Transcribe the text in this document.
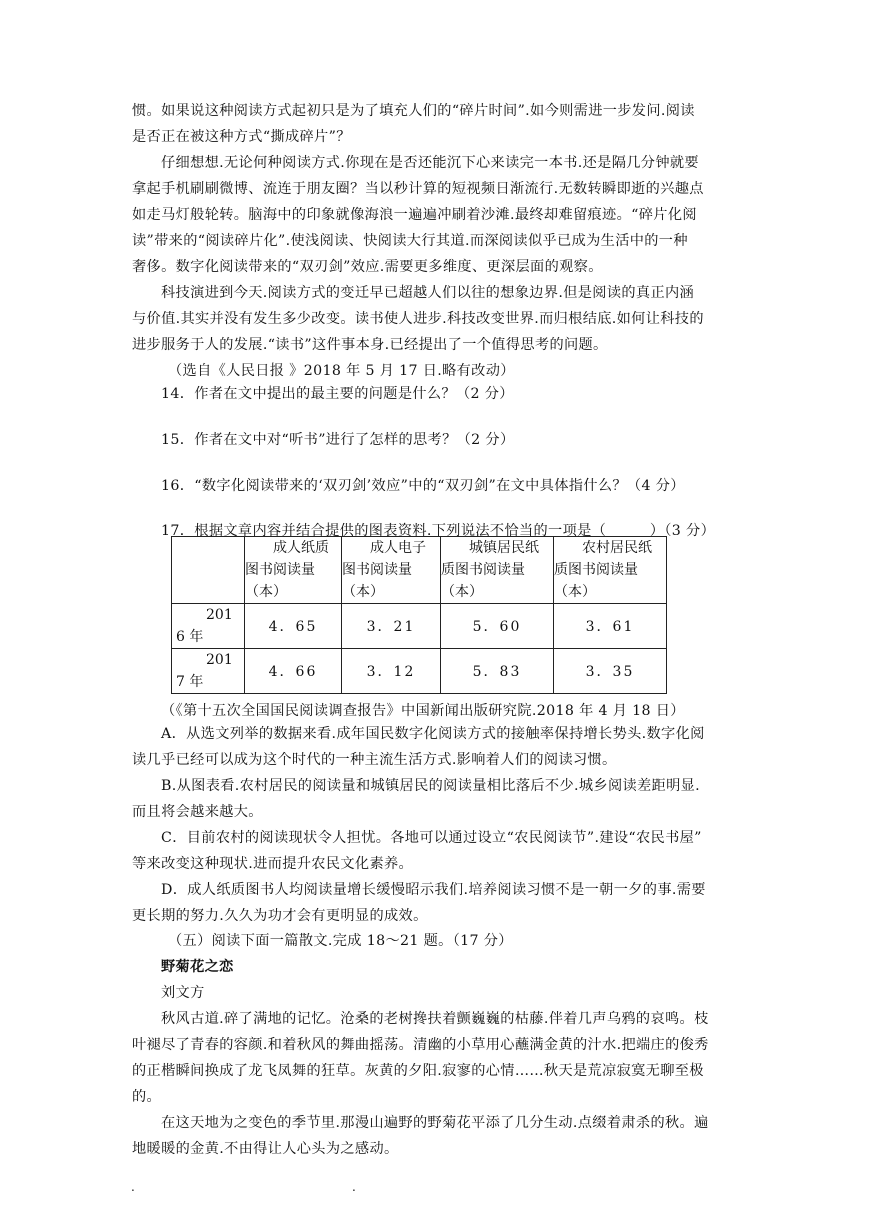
惯。如果说这种阅读方式起初只是为了填充人们的“碎片时间”.如今则需进一步发问.阅读
是否正在被这种方式“撕成碎片”？
仔细想想.无论何种阅读方式.你现在是否还能沉下心来读完一本书.还是隔几分钟就要
拿起手机刷刷微博、流连于朋友圈？当以秒计算的短视频日渐流行.无数转瞬即逝的兴趣点
如走马灯般轮转。脑海中的印象就像海浪一遍遍冲刷着沙滩.最终却难留痕迹。“碎片化阅
读”带来的“阅读碎片化”.使浅阅读、快阅读大行其道.而深阅读似乎已成为生活中的一种
奢侈。数字化阅读带来的“双刃剑”效应.需要更多维度、更深层面的观察。
科技演进到今天.阅读方式的变迁早已超越人们以往的想象边界.但是阅读的真正内涵
与价值.其实并没有发生多少改变。读书使人进步.科技改变世界.而归根结底.如何让科技的
进步服务于人的发展.“读书”这件事本身.已经提出了一个值得思考的问题。
（选自《人民日报 》2018 年 5 月 17 日.略有改动）
14．作者在文中提出的最主要的问题是什么？（2 分）
15．作者在文中对“听书”进行了怎样的思考？（2 分）
16．“数字化阅读带来的‘双刃剑’效应”中的“双刃剑”在文中具体指什么？（4 分）
17．根据文章内容并结合提供的图表资料.下列说法不恰当的一项是（　　　）（3 分）

	成人纸质
图书阅读量
（本）	成人电子
图书阅读量
（本）	城镇居民纸
质图书阅读量
（本）	农村居民纸
质图书阅读量
（本）

201
6 年	4．65	3．21	5．60	3．61

201
7 年	4．66	3．12	5．83	3．35
（《第十五次全国国民阅读调查报告》中国新闻出版研究院.2018 年 4 月 18 日）
A．从选文列举的数据来看.成年国民数字化阅读方式的接触率保持增长势头.数字化阅
读几乎已经可以成为这个时代的一种主流生活方式.影响着人们的阅读习惯。
B.从图表看.农村居民的阅读量和城镇居民的阅读量相比落后不少.城乡阅读差距明显.
而且将会越来越大。
C．目前农村的阅读现状令人担忧。各地可以通过设立“农民阅读节”.建设“农民书屋”
等来改变这种现状.进而提升农民文化素养。
D．成人纸质图书人均阅读量增长缓慢昭示我们.培养阅读习惯不是一朝一夕的事.需要
更长期的努力.久久为功才会有更明显的成效。
（五）阅读下面一篇散文.完成 18～21 题。（17 分）
野菊花之恋
刘文方
秋风古道.碎了满地的记忆。沧桑的老树搀扶着颤巍巍的枯藤.伴着几声乌鸦的哀鸣。枝
叶褪尽了青春的容颜.和着秋风的舞曲摇荡。清幽的小草用心蘸满金黄的汁水.把端庄的俊秀
的正楷瞬间换成了龙飞凤舞的狂草。灰黄的夕阳.寂寥的心情……秋天是荒凉寂寞无聊至极
的。
在这天地为之变色的季节里.那漫山遍野的野菊花平添了几分生动.点缀着肃杀的秋。遍
地暖暖的金黄.不由得让人心头为之感动。
.	.
